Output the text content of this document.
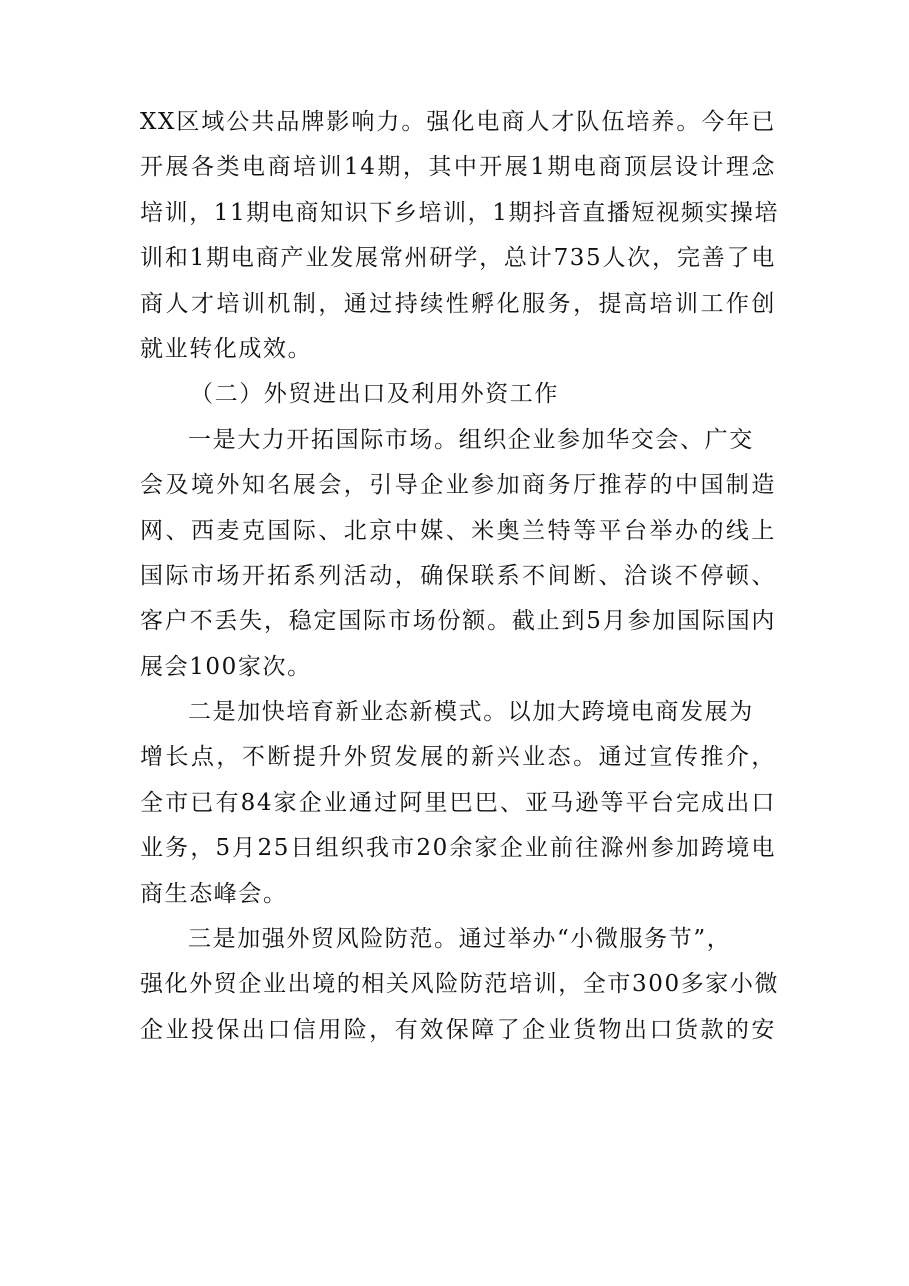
XX区域公共品牌影响力。强化电商人才队伍培养。今年已
开展各类电商培训14期，其中开展1期电商顶层设计理念
培训，11期电商知识下乡培训，1期抖音直播短视频实操培
训和1期电商产业发展常州研学，总计735人次，完善了电
商人才培训机制，通过持续性孵化服务，提高培训工作创
就业转化成效。
（二）外贸进出口及利用外资工作
一是大力开拓国际市场。组织企业参加华交会、广交
会及境外知名展会，引导企业参加商务厅推荐的中国制造
网、西麦克国际、北京中媒、米奥兰特等平台举办的线上
国际市场开拓系列活动，确保联系不间断、洽谈不停顿、
客户不丢失，稳定国际市场份额。截止到5月参加国际国内
展会100家次。
二是加快培育新业态新模式。以加大跨境电商发展为
增长点，不断提升外贸发展的新兴业态。通过宣传推介，
全市已有84家企业通过阿里巴巴、亚马逊等平台完成出口
业务，5月25日组织我市20余家企业前往滁州参加跨境电
商生态峰会。
三是加强外贸风险防范。通过举办“小微服务节”，
强化外贸企业出境的相关风险防范培训，全市300多家小微
企业投保出口信用险，有效保障了企业货物出口货款的安
